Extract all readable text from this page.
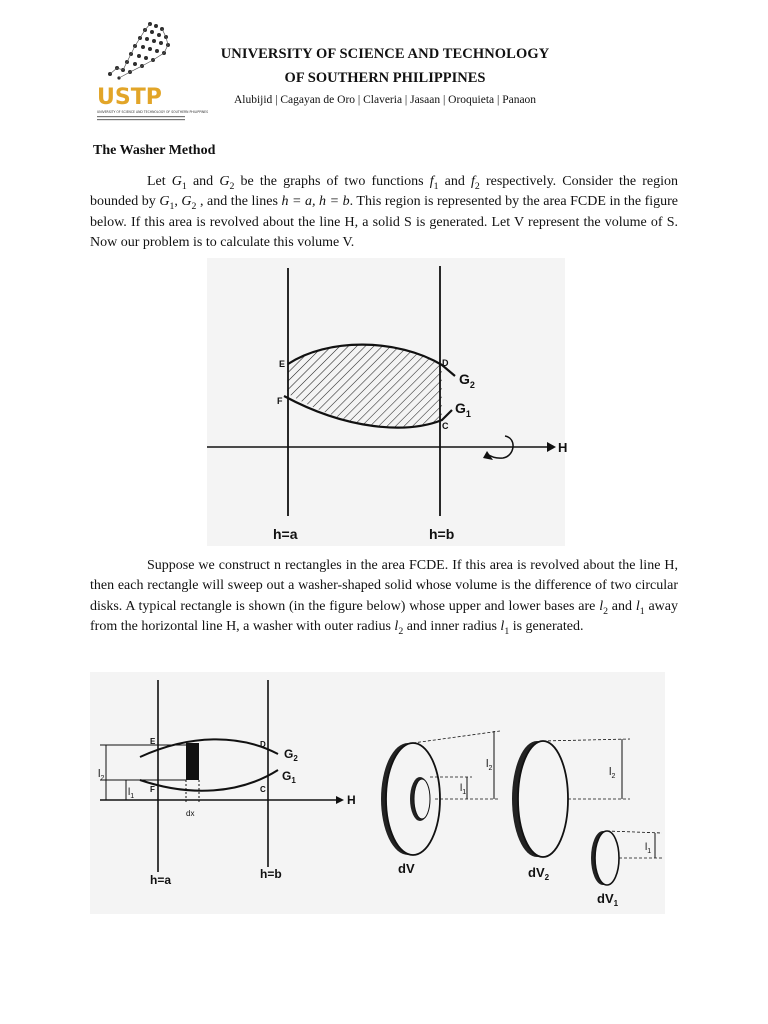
USTP
UNIVERSITY OF SCIENCE AND TECHNOLOGY OF SOUTHERN PHILIPPINES
UNIVERSITY OF SCIENCE AND TECHNOLOGY
OF SOUTHERN PHILIPPINES
Alubijid | Cagayan de Oro | Claveria | Jasaan | Oroquieta | Panaon
The Washer Method

Let $G_1$ and $G_2$ be the graphs of two functions $f_1$ and $f_2$ respectively. Consider the region bounded by $G_1$, $G_2$ , and the lines h = a, h = b. This region is represented by the area FCDE in the figure below. If this area is revolved about the line H, a solid S is generated. Let V represent the volume of S. Now our problem is to calculate this volume V.

E	D
F
C
$G_2$
$G_1$
H
h=a	h=b

Suppose we construct n rectangles in the area FCDE. If this area is revolved about the line H, then each rectangle will sweep out a washer-shaped solid whose volume is the difference of two circular disks. A typical rectangle is shown (in the figure below) whose upper and lower bases are $l_2$ and $l_1$ away from the horizontal line H, a washer with outer radius $l_2$ and inner radius $l_1$ is generated.

E	D
F	C
$G_2$
$G_1$
$l_2$
$l_1$
dx
H
h=a	h=b
$l_2$
$l_1$
dV
$l_2$
$dV_2$
$l_1$
$dV_1$
